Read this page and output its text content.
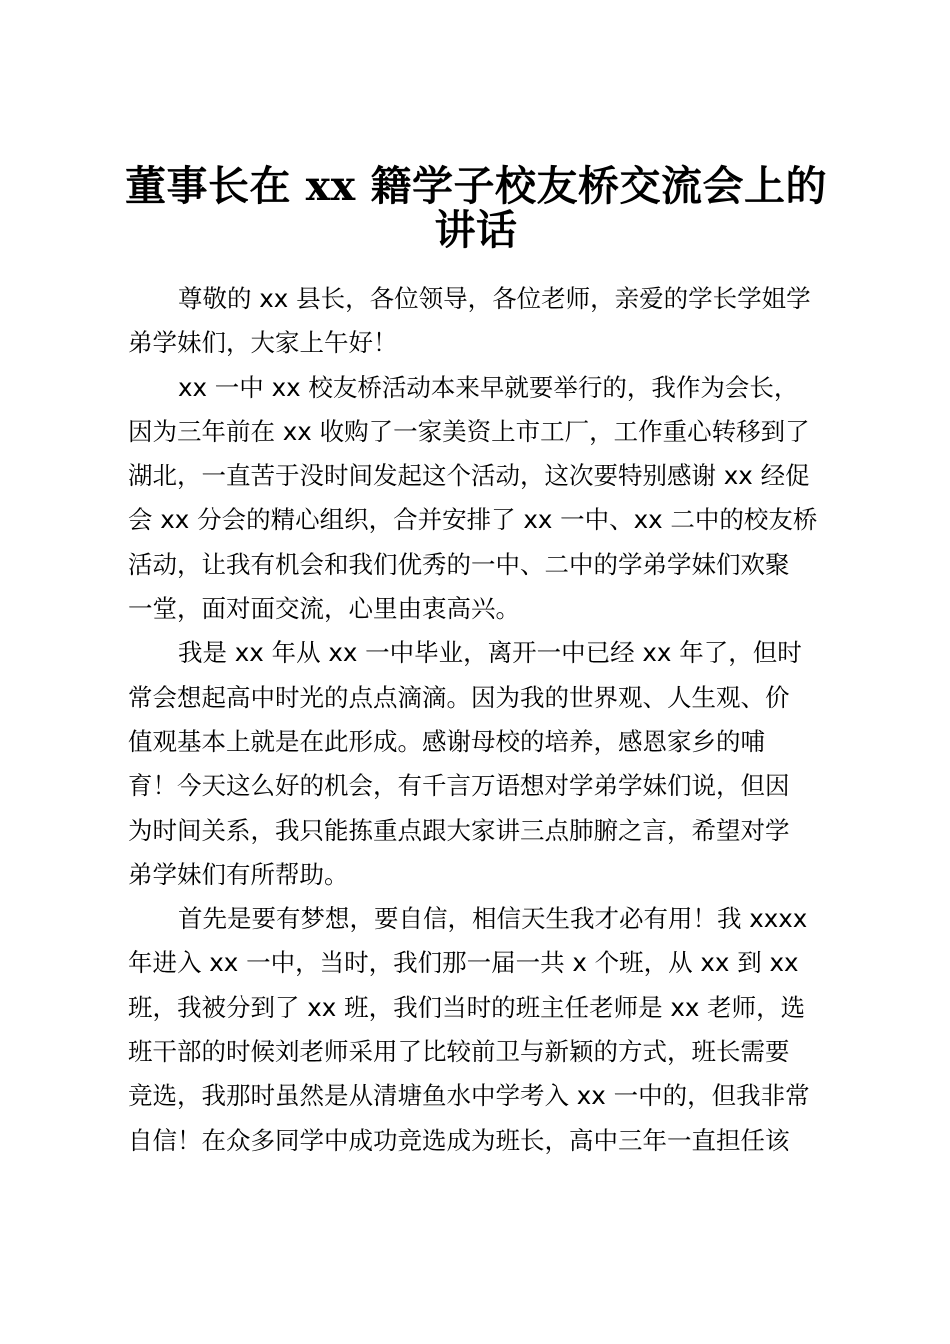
董事长在 xx 籍学子校友桥交流会上的
讲话
尊敬的 xx 县长，各位领导，各位老师，亲爱的学长学姐学
弟学妹们，大家上午好！
xx 一中 xx 校友桥活动本来早就要举行的，我作为会长，
因为三年前在 xx 收购了一家美资上市工厂，工作重心转移到了
湖北，一直苦于没时间发起这个活动，这次要特别感谢 xx 经促
会 xx 分会的精心组织，合并安排了 xx 一中、xx 二中的校友桥
活动，让我有机会和我们优秀的一中、二中的学弟学妹们欢聚
一堂，面对面交流，心里由衷高兴。
我是 xx 年从 xx 一中毕业，离开一中已经 xx 年了，但时
常会想起高中时光的点点滴滴。因为我的世界观、人生观、价
值观基本上就是在此形成。感谢母校的培养，感恩家乡的哺
育！今天这么好的机会，有千言万语想对学弟学妹们说，但因
为时间关系，我只能拣重点跟大家讲三点肺腑之言，希望对学
弟学妹们有所帮助。
首先是要有梦想，要自信，相信天生我才必有用！我 xxxx
年进入 xx 一中，当时，我们那一届一共 x 个班，从 xx 到 xx
班，我被分到了 xx 班，我们当时的班主任老师是 xx 老师，选
班干部的时候刘老师采用了比较前卫与新颖的方式，班长需要
竞选，我那时虽然是从清塘鱼水中学考入 xx 一中的，但我非常
自信！在众多同学中成功竞选成为班长，高中三年一直担任该
